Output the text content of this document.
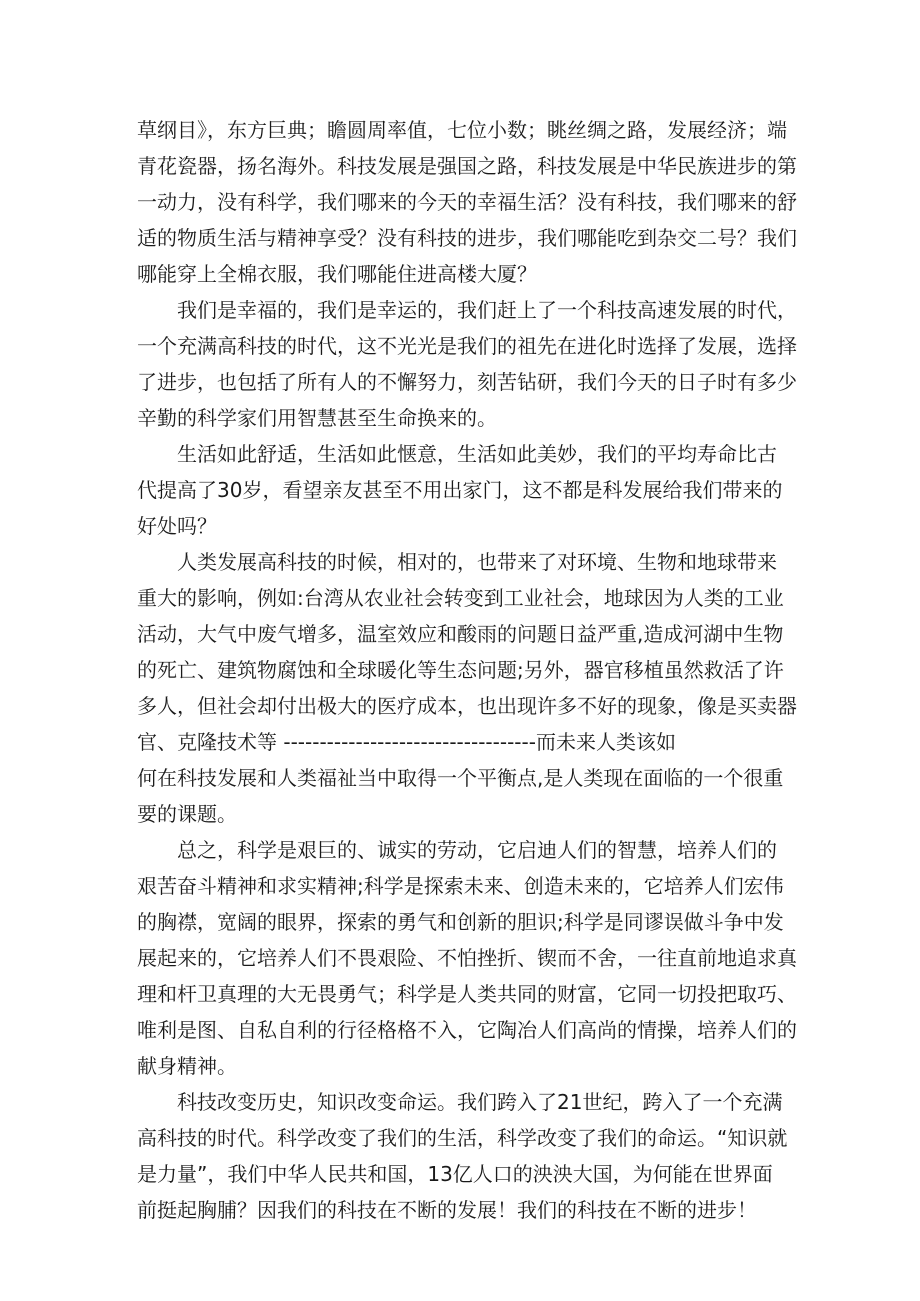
草纲目》，东方巨典；瞻圆周率值，七位小数；眺丝绸之路，发展经济；端
青花瓷器，扬名海外。科技发展是强国之路，科技发展是中华民族进步的第
一动力，没有科学，我们哪来的今天的幸福生活？没有科技，我们哪来的舒
适的物质生活与精神享受？没有科技的进步，我们哪能吃到杂交二号？我们
哪能穿上全棉衣服，我们哪能住进高楼大厦？
我们是幸福的，我们是幸运的，我们赶上了一个科技高速发展的时代，
一个充满高科技的时代，这不光光是我们的祖先在进化时选择了发展，选择
了进步，也包括了所有人的不懈努力，刻苦钻研，我们今天的日子时有多少
辛勤的科学家们用智慧甚至生命换来的。
生活如此舒适，生活如此惬意，生活如此美妙，我们的平均寿命比古
代提高了30岁，看望亲友甚至不用出家门，这不都是科发展给我们带来的
好处吗？
人类发展高科技的时候，相对的，也带来了对环境、生物和地球带来
重大的影响，例如:台湾从农业社会转变到工业社会，地球因为人类的工业
活动，大气中废气增多，温室效应和酸雨的问题日益严重,造成河湖中生物
的死亡、建筑物腐蚀和全球暖化等生态问题;另外，器官移植虽然救活了许
多人，但社会却付出极大的医疗成本，也出现许多不好的现象，像是买卖器
官、克隆技术等 -----------------------------------而未来人类该如
何在科技发展和人类福祉当中取得一个平衡点,是人类现在面临的一个很重
要的课题。
总之，科学是艰巨的、诚实的劳动，它启迪人们的智慧，培养人们的
艰苦奋斗精神和求实精神;科学是探索未来、创造未来的，它培养人们宏伟
的胸襟，宽阔的眼界，探索的勇气和创新的胆识;科学是同谬误做斗争中发
展起来的，它培养人们不畏艰险、不怕挫折、锲而不舍，一往直前地追求真
理和杆卫真理的大无畏勇气；科学是人类共同的财富，它同一切投把取巧、
唯利是图、自私自利的行径格格不入，它陶冶人们高尚的情操，培养人们的
献身精神。
科技改变历史，知识改变命运。我们跨入了21世纪，跨入了一个充满
高科技的时代。科学改变了我们的生活，科学改变了我们的命运。“知识就
是力量”，我们中华人民共和国，13亿人口的泱泱大国，为何能在世界面
前挺起胸脯？因我们的科技在不断的发展！我们的科技在不断的进步！
